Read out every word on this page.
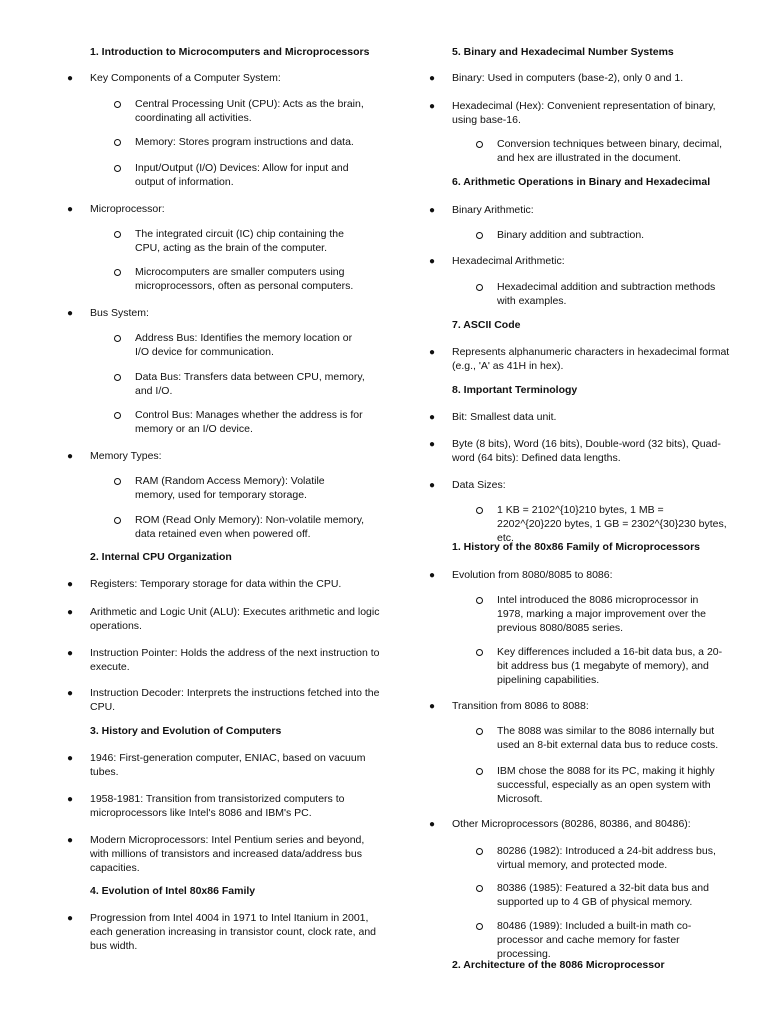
1. Introduction to Microcomputers and Microprocessors
● Key Components of a Computer System:
Central Processing Unit (CPU): Acts as the brain, coordinating all activities.
Memory: Stores program instructions and data.
Input/Output (I/O) Devices: Allow for input and output of information.
● Microprocessor:
The integrated circuit (IC) chip containing the CPU, acting as the brain of the computer.
Microcomputers are smaller computers using microprocessors, often as personal computers.
● Bus System:
Address Bus: Identifies the memory location or I/O device for communication.
Data Bus: Transfers data between CPU, memory, and I/O.
Control Bus: Manages whether the address is for memory or an I/O device.
● Memory Types:
RAM (Random Access Memory): Volatile memory, used for temporary storage.
ROM (Read Only Memory): Non-volatile memory, data retained even when powered off.
2. Internal CPU Organization
● Registers: Temporary storage for data within the CPU.
● Arithmetic and Logic Unit (ALU): Executes arithmetic and logic operations.
● Instruction Pointer: Holds the address of the next instruction to execute.
● Instruction Decoder: Interprets the instructions fetched into the CPU.
3. History and Evolution of Computers
● 1946: First-generation computer, ENIAC, based on vacuum tubes.
● 1958-1981: Transition from transistorized computers to microprocessors like Intel's 8086 and IBM's PC.
● Modern Microprocessors: Intel Pentium series and beyond, with millions of transistors and increased data/address bus capacities.
4. Evolution of Intel 80x86 Family
● Progression from Intel 4004 in 1971 to Intel Itanium in 2001, each generation increasing in transistor count, clock rate, and bus width.
5. Binary and Hexadecimal Number Systems
● Binary: Used in computers (base-2), only 0 and 1.
● Hexadecimal (Hex): Convenient representation of binary, using base-16.
Conversion techniques between binary, decimal, and hex are illustrated in the document.
6. Arithmetic Operations in Binary and Hexadecimal
● Binary Arithmetic:
Binary addition and subtraction.
● Hexadecimal Arithmetic:
Hexadecimal addition and subtraction methods with examples.
7. ASCII Code
● Represents alphanumeric characters in hexadecimal format (e.g., 'A' as 41H in hex).
8. Important Terminology
● Bit: Smallest data unit.
● Byte (8 bits), Word (16 bits), Double-word (32 bits), Quad-word (64 bits): Defined data lengths.
● Data Sizes:
1 KB = 2102^{10}210 bytes, 1 MB = 2202^{20}220 bytes, 1 GB = 2302^{30}230 bytes, etc.
1. History of the 80x86 Family of Microprocessors
● Evolution from 8080/8085 to 8086:
Intel introduced the 8086 microprocessor in 1978, marking a major improvement over the previous 8080/8085 series.
Key differences included a 16-bit data bus, a 20-bit address bus (1 megabyte of memory), and pipelining capabilities.
● Transition from 8086 to 8088:
The 8088 was similar to the 8086 internally but used an 8-bit external data bus to reduce costs.
IBM chose the 8088 for its PC, making it highly successful, especially as an open system with Microsoft.
● Other Microprocessors (80286, 80386, and 80486):
80286 (1982): Introduced a 24-bit address bus, virtual memory, and protected mode.
80386 (1985): Featured a 32-bit data bus and supported up to 4 GB of physical memory.
80486 (1989): Included a built-in math co-processor and cache memory for faster processing.
2. Architecture of the 8086 Microprocessor
